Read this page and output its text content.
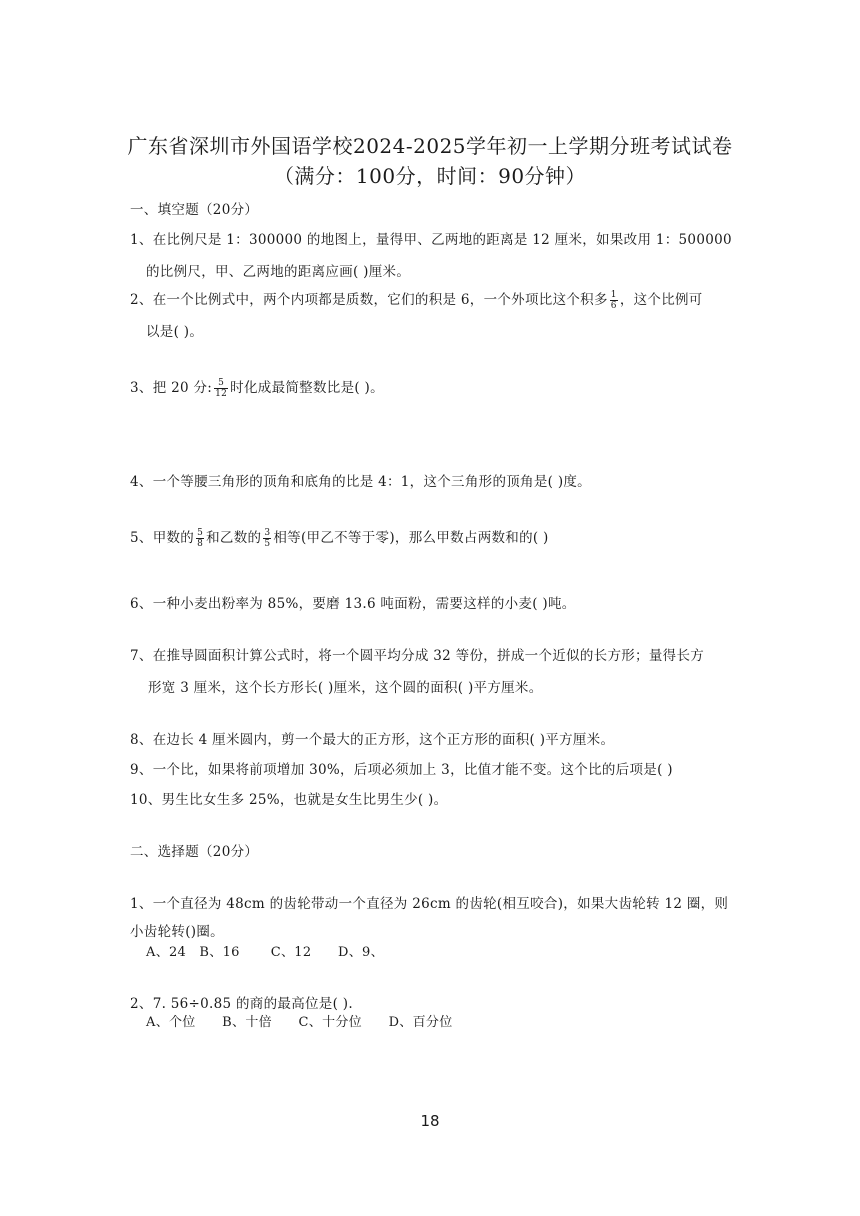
广东省深圳市外国语学校2024-2025学年初一上学期分班考试试卷
（满分：100分，时间：90分钟）
一、填空题（20分）
1、在比例尺是 1：300000 的地图上，量得甲、乙两地的距离是 12 厘米，如果改用 1：500000
的比例尺，甲、乙两地的距离应画( )厘米。
2、在一个比例式中，两个内项都是质数，它们的积是 6，一个外项比这个积多 $\frac{1}{6}$ ，这个比例可
以是( )。
3、把 20 分: $\frac{5}{12}$ 时化成最简整数比是( )。
4、一个等腰三角形的顶角和底角的比是 4：1，这个三角形的顶角是( )度。
5、甲数的 $\frac{5}{8}$ 和乙数的 $\frac{3}{5}$ 相等(甲乙不等于零)，那么甲数占两数和的( )
6、一种小麦出粉率为 85%，要磨 13.6 吨面粉，需要这样的小麦( )吨。
7、在推导圆面积计算公式时，将一个圆平均分成 32 等份，拼成一个近似的长方形；量得长方
形宽 3 厘米，这个长方形长( )厘米，这个圆的面积( )平方厘米。
8、在边长 4 厘米圆内，剪一个最大的正方形，这个正方形的面积( )平方厘米。
9、一个比，如果将前项增加 30%，后项必须加上 3，比值才能不变。这个比的后项是( )
10、男生比女生多 25%，也就是女生比男生少( )。
二、选择题（20分）
1、一个直径为 48cm 的齿轮带动一个直径为 26cm 的齿轮(相互咬合)，如果大齿轮转 12 圈，则
小齿轮转()圈。
A、24   B、16       C、12      D、9、
2、7. 56÷0.85 的商的最高位是( ).
A、个位      B、十倍      C、十分位      D、百分位
18
